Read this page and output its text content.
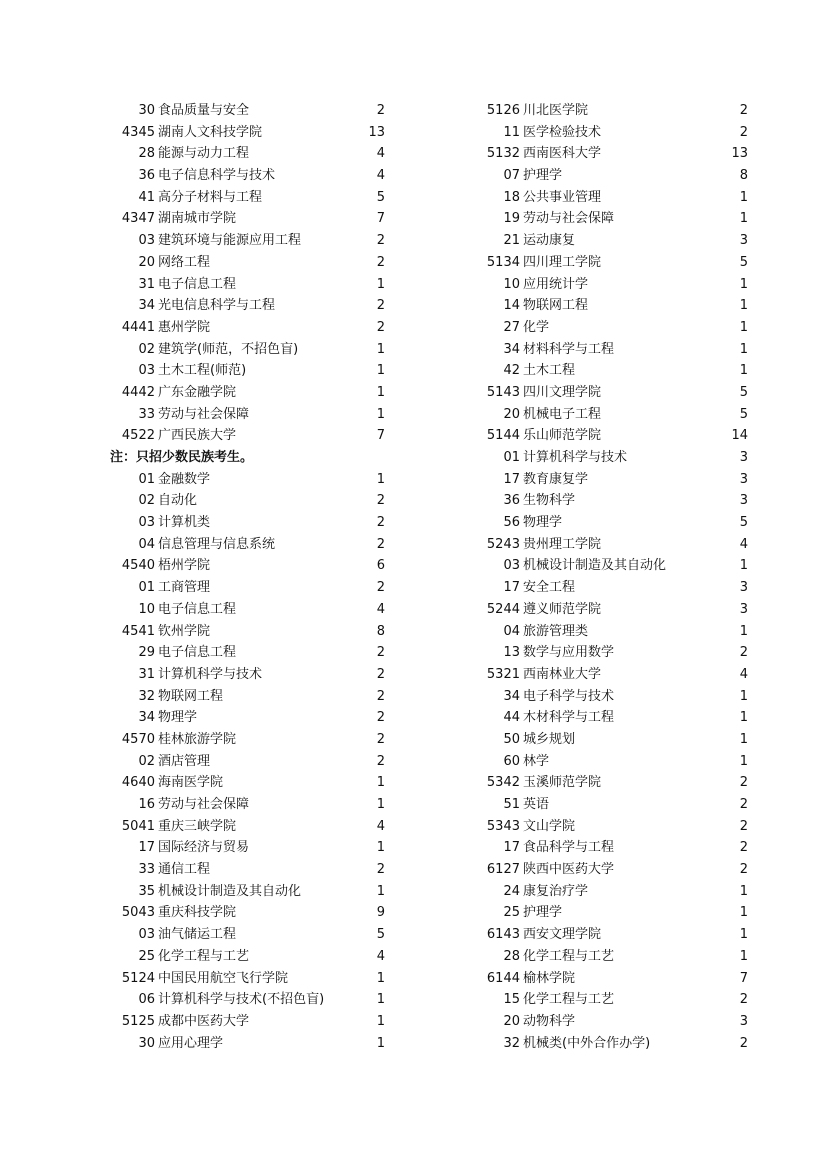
30 食品质量与安全	2
4345 湖南人文科技学院	13
28 能源与动力工程	4
36 电子信息科学与技术	4
41 高分子材料与工程	5
4347 湖南城市学院	7
03 建筑环境与能源应用工程	2
20 网络工程	2
31 电子信息工程	1
34 光电信息科学与工程	2
4441 惠州学院	2
02 建筑学(师范，不招色盲)	1
03 土木工程(师范)	1
4442 广东金融学院	1
33 劳动与社会保障	1
4522 广西民族大学	7
注：只招少数民族考生。
01 金融数学	1
02 自动化	2
03 计算机类	2
04 信息管理与信息系统	2
4540 梧州学院	6
01 工商管理	2
10 电子信息工程	4
4541 钦州学院	8
29 电子信息工程	2
31 计算机科学与技术	2
32 物联网工程	2
34 物理学	2
4570 桂林旅游学院	2
02 酒店管理	2
4640 海南医学院	1
16 劳动与社会保障	1
5041 重庆三峡学院	4
17 国际经济与贸易	1
33 通信工程	2
35 机械设计制造及其自动化	1
5043 重庆科技学院	9
03 油气储运工程	5
25 化学工程与工艺	4
5124 中国民用航空飞行学院	1
06 计算机科学与技术(不招色盲)	1
5125 成都中医药大学	1
30 应用心理学	1
5126 川北医学院	2
11 医学检验技术	2
5132 西南医科大学	13
07 护理学	8
18 公共事业管理	1
19 劳动与社会保障	1
21 运动康复	3
5134 四川理工学院	5
10 应用统计学	1
14 物联网工程	1
27 化学	1
34 材料科学与工程	1
42 土木工程	1
5143 四川文理学院	5
20 机械电子工程	5
5144 乐山师范学院	14
01 计算机科学与技术	3
17 教育康复学	3
36 生物科学	3
56 物理学	5
5243 贵州理工学院	4
03 机械设计制造及其自动化	1
17 安全工程	3
5244 遵义师范学院	3
04 旅游管理类	1
13 数学与应用数学	2
5321 西南林业大学	4
34 电子科学与技术	1
44 木材科学与工程	1
50 城乡规划	1
60 林学	1
5342 玉溪师范学院	2
51 英语	2
5343 文山学院	2
17 食品科学与工程	2
6127 陕西中医药大学	2
24 康复治疗学	1
25 护理学	1
6143 西安文理学院	1
28 化学工程与工艺	1
6144 榆林学院	7
15 化学工程与工艺	2
20 动物科学	3
32 机械类(中外合作办学)	2
